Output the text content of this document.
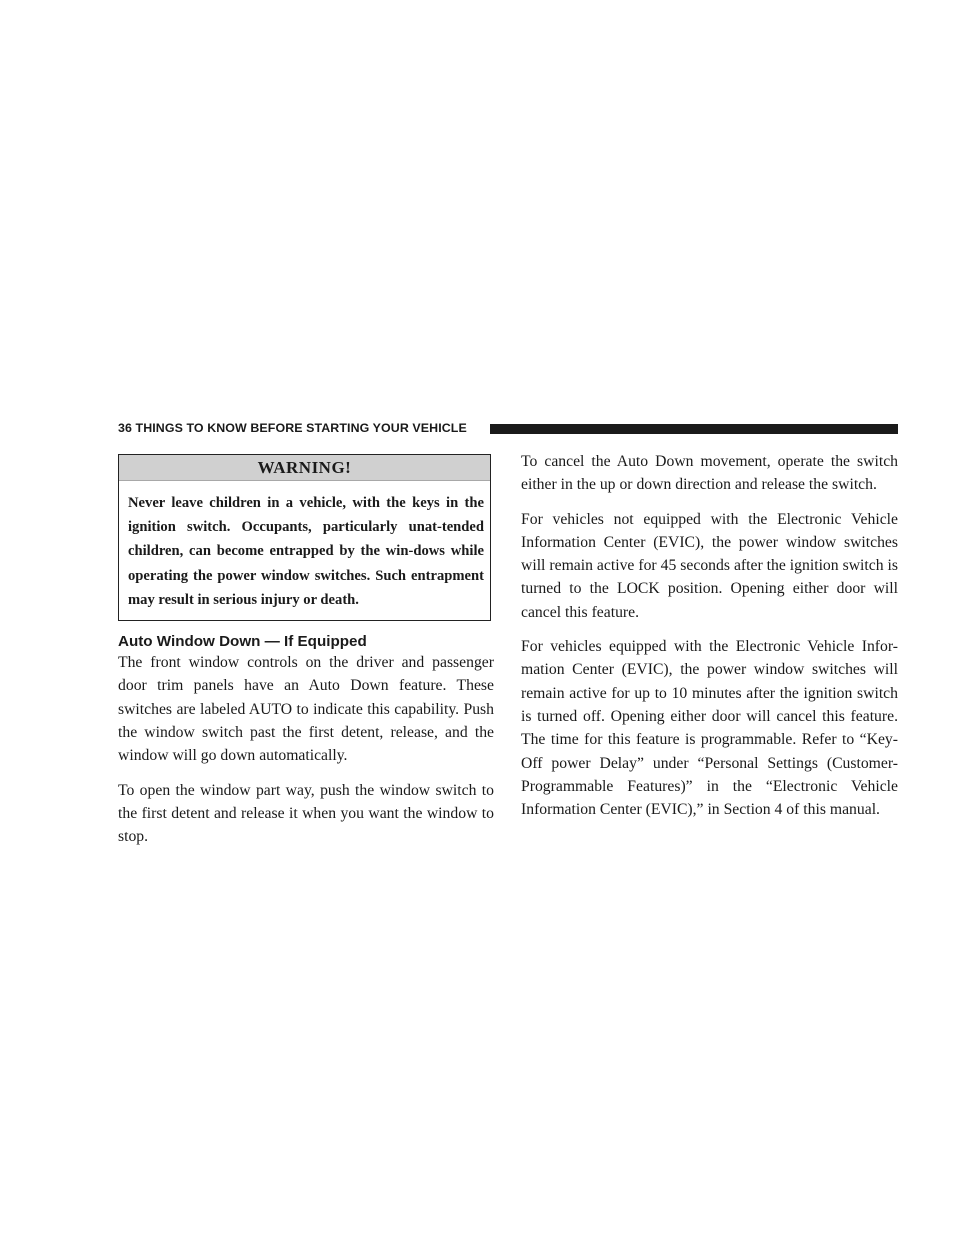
36 THINGS TO KNOW BEFORE STARTING YOUR VEHICLE
WARNING!
Never leave children in a vehicle, with the keys in the ignition switch. Occupants, particularly unat-tended children, can become entrapped by the win-dows while operating the power window switches. Such entrapment may result in serious injury or death.
Auto Window Down — If Equipped

The front window controls on the driver and passenger door trim panels have an Auto Down feature. These switches are labeled AUTO to indicate this capability. Push the window switch past the first detent, release, and the window will go down automatically.

To open the window part way, push the window switch to the first detent and release it when you want the window to stop.

To cancel the Auto Down movement, operate the switch either in the up or down direction and release the switch.

For vehicles not equipped with the Electronic Vehicle Information Center (EVIC), the power window switches will remain active for 45 seconds after the ignition switch is turned to the LOCK position. Opening either door will cancel this feature.

For vehicles equipped with the Electronic Vehicle Infor-mation Center (EVIC), the power window switches will remain active for up to 10 minutes after the ignition switch is turned off. Opening either door will cancel this feature. The time for this feature is programmable. Refer to “Key-Off power Delay” under “Personal Settings (Customer-Programmable Features)” in the “Electronic Vehicle Information Center (EVIC),” in Section 4 of this manual.
